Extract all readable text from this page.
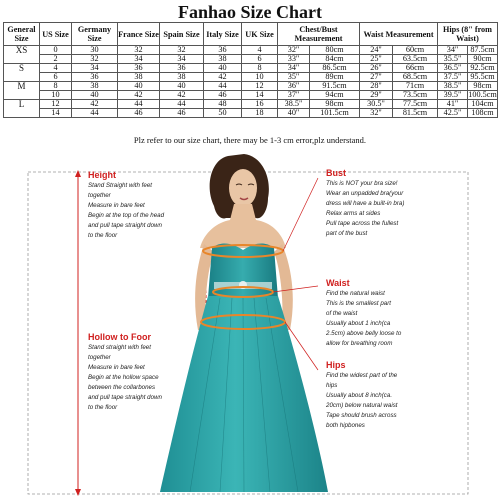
Fanhao Size Chart
General Size	US Size	Germany Size	France Size	Spain Size	Italy Size	UK Size	Chest/Bust Measurement		Waist Measurement		Hips (8" from Waist)	
XS	0	30	32	32	36	4	32"	80cm	24"	60cm	34"	87.5cm
	2	32	34	34	38	6	33"	84cm	25"	63.5cm	35.5"	90cm
S	4	34	36	36	40	8	34"	86.5cm	26"	66cm	36.5"	92.5cm
	6	36	38	38	42	10	35"	89cm	27"	68.5cm	37.5"	95.5cm
M	8	38	40	40	44	12	36"	91.5cm	28"	71cm	38.5"	98cm
	10	40	42	42	46	14	37"	94cm	29"	73.5cm	39.5"	100.5cm
L	12	42	44	44	48	16	38.5"	98cm	30.5"	77.5cm	41"	104cm
	14	44	46	46	50	18	40"	101.5cm	32"	81.5cm	42.5"	108cm
Plz refer to our size chart, there may be 1-3 cm error,plz understand.
Height
Stand Straight with feet
together
Measure in bare feet
Begin at the top of the head
and pull tape straight down
to the floor
Hollow to Foor
Stand straight with feet
together
Measure in bare feet
Begin at the hollow space
between the collarbones
and pull tape straight down
to the floor
Bust
This is NOT your bra size!
Wear an unpadded bra(your
dress will have a built-in bra)
Relax arms at sides
Pull tape across the fullest
part of the bust
Waist
Find the natural waist
This is the smallest part
of the waist
Usually about 1 inch(ca
2.5cm) above belly loose to
allow for breathing room
Hips
Find the widest part of the
hips
Usually about 8 inch(ca.
20cm) below natural waist
Tape should brush across
both hipbones
